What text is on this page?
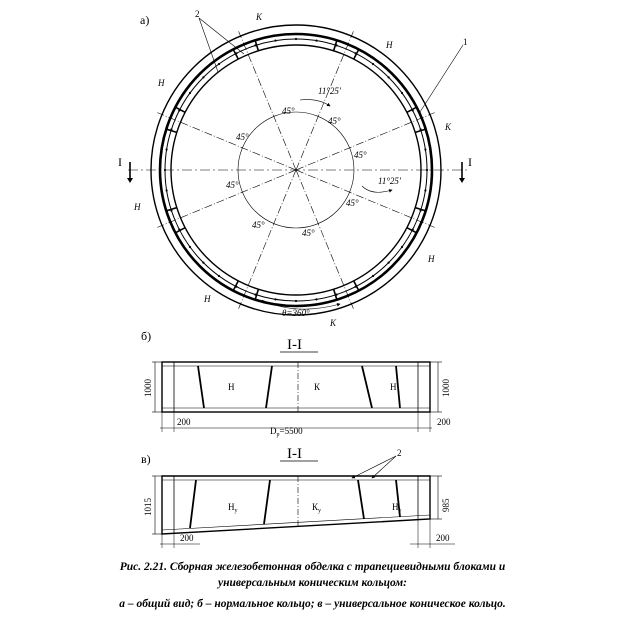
а)
I	I
1
2	K
Н
K
Н
K
Н
Н
Н
45°
45°
45°
45°
45°
45°
45°
45°
11°25'
11°25'
θ=360°
б)
I-I
Н	К	Н
1000	1000
200	200
$D_p=5500$
в)	I-I
$Н_у$	$К_у$	$Н_у$
2
1015	985
200	200
Рис. 2.21. Сборная железобетонная обделка с трапециевидными блоками и
универсальным коническим кольцом:
а – общий вид; б – нормальное кольцо; в – универсальное коническое кольцо.
